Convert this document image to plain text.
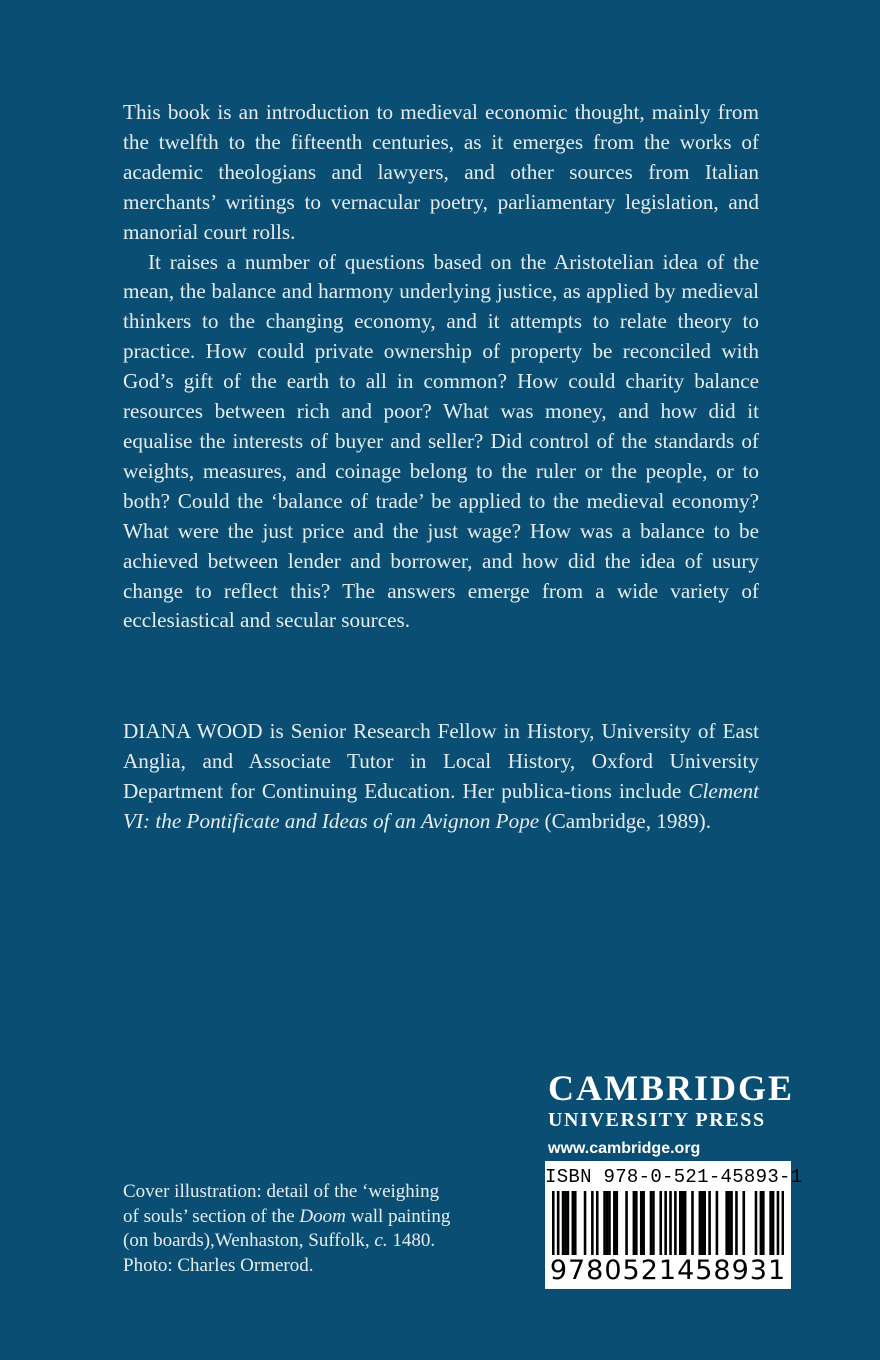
This book is an introduction to medieval economic thought, mainly from the twelfth to the fifteenth centuries, as it emerges from the works of academic theologians and lawyers, and other sources from Italian merchants’ writings to vernacular poetry, parliamentary legislation, and manorial court rolls.

It raises a number of questions based on the Aristotelian idea of the mean, the balance and harmony underlying justice, as applied by medieval thinkers to the changing economy, and it attempts to relate theory to practice. How could private ownership of property be reconciled with God’s gift of the earth to all in common? How could charity balance resources between rich and poor? What was money, and how did it equalise the interests of buyer and seller? Did control of the standards of weights, measures, and coinage belong to the ruler or the people, or to both? Could the ‘balance of trade’ be applied to the medieval economy? What were the just price and the just wage? How was a balance to be achieved between lender and borrower, and how did the idea of usury change to reflect this? The answers emerge from a wide variety of ecclesiastical and secular sources.

DIANA WOOD is Senior Research Fellow in History, University of East Anglia, and Associate Tutor in Local History, Oxford University Department for Continuing Education. Her publica-tions include Clement VI: the Pontificate and Ideas of an Avignon Pope (Cambridge, 1989).

CAMBRIDGE
UNIVERSITY PRESS
www.cambridge.org
ISBN 978-0-521-45893-1
9780521458931

Cover illustration: detail of the ‘weighing

of souls’ section of the Doom wall painting

(on boards),Wenhaston, Suffolk, c. 1480.

Photo: Charles Ormerod.
